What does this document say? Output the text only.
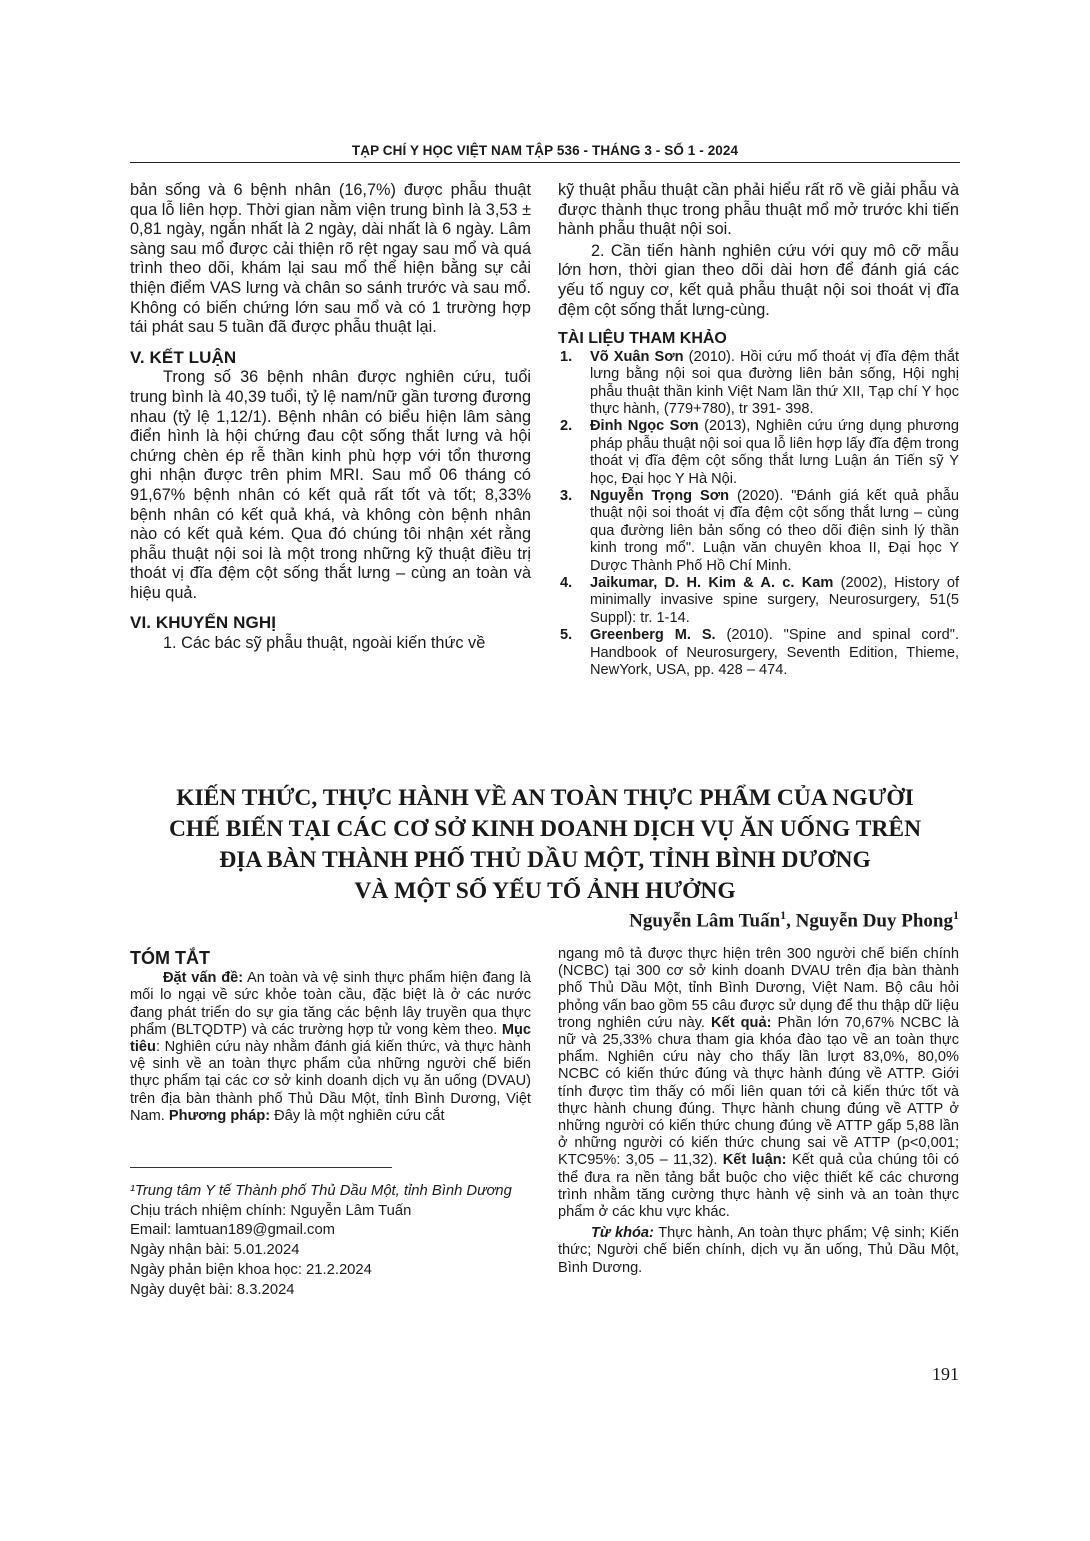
TẠP CHÍ Y HỌC VIỆT NAM TẬP 536 - THÁNG 3 - SỐ 1 - 2024

bản sống và 6 bệnh nhân (16,7%) được phẫu thuật qua lỗ liên hợp. Thời gian nằm viện trung bình là 3,53 ± 0,81 ngày, ngắn nhất là 2 ngày, dài nhất là 6 ngày. Lâm sàng sau mổ được cải thiện rõ rệt ngay sau mổ và quá trình theo dõi, khám lại sau mổ thể hiện bằng sự cải thiện điểm VAS lưng và chân so sánh trước và sau mổ. Không có biến chứng lớn sau mổ và có 1 trường hợp tái phát sau 5 tuần đã được phẫu thuật lại.

V. KẾT LUẬN

Trong số 36 bệnh nhân được nghiên cứu, tuổi trung bình là 40,39 tuổi, tỷ lệ nam/nữ gần tương đương nhau (tỷ lệ 1,12/1). Bệnh nhân có biểu hiện lâm sàng điển hình là hội chứng đau cột sống thắt lưng và hội chứng chèn ép rễ thần kinh phù hợp với tổn thương ghi nhận được trên phim MRI. Sau mổ 06 tháng có 91,67% bệnh nhân có kết quả rất tốt và tốt; 8,33% bệnh nhân có kết quả khá, và không còn bệnh nhân nào có kết quả kém. Qua đó chúng tôi nhận xét rằng phẫu thuật nội soi là một trong những kỹ thuật điều trị thoát vị đĩa đệm cột sống thắt lưng – cùng an toàn và hiệu quả.

VI. KHUYẾN NGHỊ

1. Các bác sỹ phẫu thuật, ngoài kiến thức về

kỹ thuật phẫu thuật cần phải hiểu rất rõ về giải phẫu và được thành thục trong phẫu thuật mổ mở trước khi tiến hành phẫu thuật nội soi.

2. Cần tiến hành nghiên cứu với quy mô cỡ mẫu lớn hơn, thời gian theo dõi dài hơn để đánh giá các yếu tố nguy cơ, kết quả phẫu thuật nội soi thoát vị đĩa đệm cột sống thắt lưng-cùng.

TÀI LIỆU THAM KHẢO
1.	Võ Xuân Sơn (2010). Hồi cứu mổ thoát vị đĩa đệm thắt lưng bằng nội soi qua đường liên bản sống, Hội nghị phẫu thuật thần kinh Việt Nam lần thứ XII, Tạp chí Y học thực hành, (779+780), tr 391- 398.
2.	Đinh Ngọc Sơn (2013), Nghiên cứu ứng dụng phương pháp phẫu thuật nội soi qua lỗ liên hợp lấy đĩa đệm trong thoát vị đĩa đệm cột sống thắt lưng Luận án Tiến sỹ Y học, Đại học Y Hà Nội.
3.	Nguyễn Trọng Sơn (2020). "Đánh giá kết quả phẫu thuật nội soi thoát vị đĩa đệm cột sống thắt lưng – cùng qua đường liên bản sống có theo dõi điện sinh lý thần kinh trong mổ". Luận văn chuyên khoa II, Đại học Y Dược Thành Phố Hồ Chí Minh.
4.	Jaikumar, D. H. Kim & A. c. Kam (2002), History of minimally invasive spine surgery, Neurosurgery, 51(5 Suppl): tr. 1-14.
5.	Greenberg M. S. (2010). "Spine and spinal cord". Handbook of Neurosurgery, Seventh Edition, Thieme, NewYork, USA, pp. 428 – 474.
KIẾN THỨC, THỰC HÀNH VỀ AN TOÀN THỰC PHẨM CỦA NGƯỜI
CHẾ BIẾN TẠI CÁC CƠ SỞ KINH DOANH DỊCH VỤ ĂN UỐNG TRÊN
ĐỊA BÀN THÀNH PHỐ THỦ DẦU MỘT, TỈNH BÌNH DƯƠNG
VÀ MỘT SỐ YẾU TỐ ẢNH HƯỞNG
Nguyễn Lâm Tuấn$^1$, Nguyễn Duy Phong$^1$
TÓM TẮT

Đặt vấn đề: An toàn và vệ sinh thực phẩm hiện đang là mối lo ngại về sức khỏe toàn cầu, đặc biệt là ở các nước đang phát triển do sự gia tăng các bệnh lây truyền qua thực phẩm (BLTQDTP) và các trường hợp tử vong kèm theo. Mục tiêu: Nghiên cứu này nhằm đánh giá kiến thức, và thực hành vệ sinh về an toàn thực phẩm của những người chế biến thực phẩm tại các cơ sở kinh doanh dịch vụ ăn uống (DVAU) trên địa bàn thành phố Thủ Dầu Một, tỉnh Bình Dương, Việt Nam. Phương pháp: Đây là một nghiên cứu cắt

¹Trung tâm Y tế Thành phố Thủ Dầu Một, tỉnh Bình Dương
Chịu trách nhiệm chính: Nguyễn Lâm Tuấn
Email: lamtuan189@gmail.com
Ngày nhận bài: 5.01.2024
Ngày phản biện khoa học: 21.2.2024
Ngày duyệt bài: 8.3.2024

ngang mô tả được thực hiện trên 300 người chế biến chính (NCBC) tại 300 cơ sở kinh doanh DVAU trên địa bàn thành phố Thủ Dầu Một, tỉnh Bình Dương, Việt Nam. Bộ câu hỏi phỏng vấn bao gồm 55 câu được sử dụng để thu thập dữ liệu trong nghiên cứu này. Kết quả: Phần lớn 70,67% NCBC là nữ và 25,33% chưa tham gia khóa đào tạo về an toàn thực phẩm. Nghiên cứu này cho thấy lần lượt 83,0%, 80,0% NCBC có kiến thức đúng và thực hành đúng về ATTP. Giới tính được tìm thấy có mối liên quan tới cả kiến thức tốt và thực hành chung đúng. Thực hành chung đúng về ATTP ở những người có kiến thức chung đúng về ATTP gấp 5,88 lần ở những người có kiến thức chung sai về ATTP (p<0,001; KTC95%: 3,05 – 11,32). Kết luận: Kết quả của chúng tôi có thể đưa ra nền tảng bắt buộc cho việc thiết kế các chương trình nhằm tăng cường thực hành vệ sinh và an toàn thực phẩm ở các khu vực khác.

Từ khóa: Thực hành, An toàn thực phẩm; Vệ sinh; Kiến thức; Người chế biến chính, dịch vụ ăn uống, Thủ Dầu Một, Bình Dương.

191
